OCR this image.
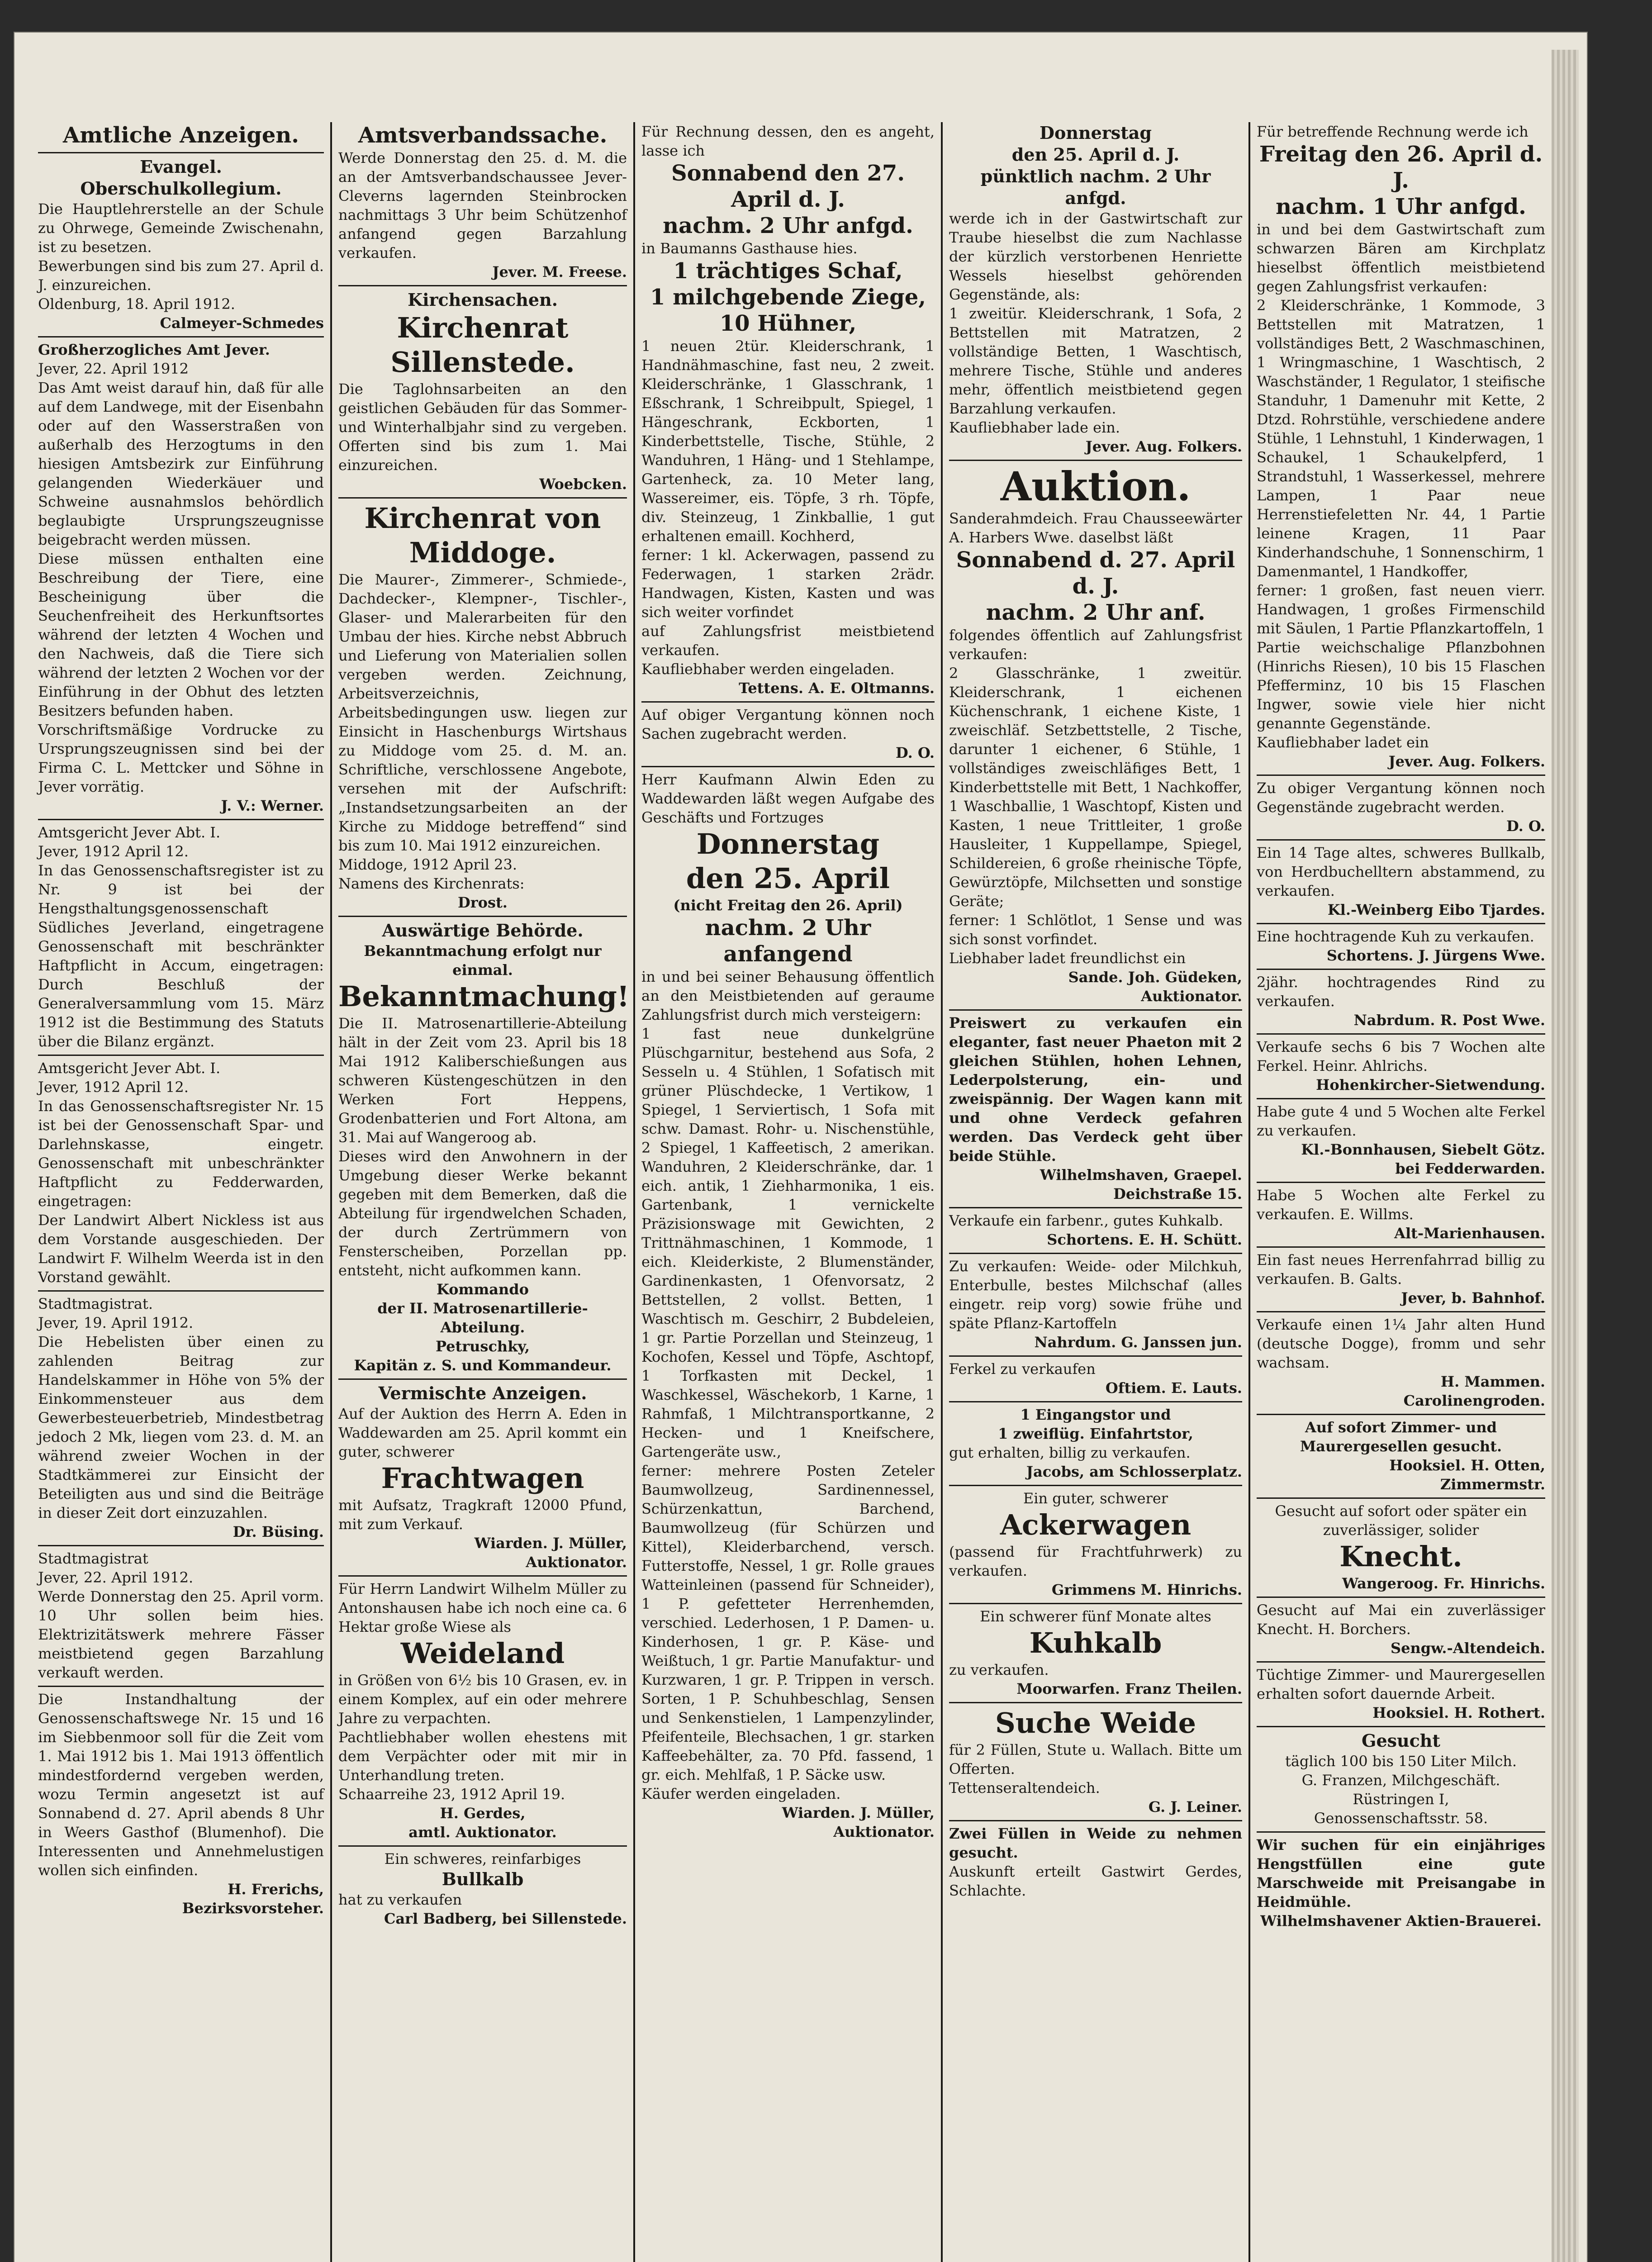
Amtliche Anzeigen.
Evangel. Oberschulkollegium.

Die Hauptlehrerstelle an der Schule zu Ohrwege, Gemeinde Zwischenahn, ist zu besetzen.
Bewerbungen sind bis zum 27. April d. J. einzureichen.
Oldenburg, 18. April 1912.

Calmeyer-Schmedes
Großherzogliches Amt Jever.

Jever, 22. April 1912
Das Amt weist darauf hin, daß für alle auf dem Landwege, mit der Eisenbahn oder auf den Wasserstraßen von außerhalb des Herzogtums in den hiesigen Amtsbezirk zur Einführung gelangenden Wiederkäuer und Schweine ausnahmslos behördlich beglaubigte Ursprungszeugnisse beigebracht werden müssen.
Diese müssen enthalten eine Beschreibung der Tiere, eine Bescheinigung über die Seuchenfreiheit des Herkunftsortes während der letzten 4 Wochen und den Nachweis, daß die Tiere sich während der letzten 2 Wochen vor der Einführung in der Obhut des letzten Besitzers befunden haben.
Vorschriftsmäßige Vordrucke zu Ursprungszeugnissen sind bei der Firma C. L. Mettcker und Söhne in Jever vorrätig.

J. V.: Werner.
Amtsgericht Jever Abt. I.

Jever, 1912 April 12.
In das Genossenschaftsregister ist zu Nr. 9 ist bei der Hengsthaltungsgenossenschaft Südliches Jeverland, eingetragene Genossenschaft mit beschränkter Haftpflicht in Accum, eingetragen: Durch Beschluß der Generalversammlung vom 15. März 1912 ist die Bestimmung des Statuts über die Bilanz ergänzt.

Amtsgericht Jever Abt. I.

Jever, 1912 April 12.
In das Genossenschaftsregister Nr. 15 ist bei der Genossenschaft Spar- und Darlehnskasse, eingetr. Genossenschaft mit unbeschränkter Haftpflicht zu Fedderwarden, eingetragen:
Der Landwirt Albert Nickless ist aus dem Vorstande ausgeschieden. Der Landwirt F. Wilhelm Weerda ist in den Vorstand gewählt.

Stadtmagistrat.

Jever, 19. April 1912.
Die Hebelisten über einen zu zahlenden Beitrag zur Handelskammer in Höhe von 5% der Einkommensteuer aus dem Gewerbesteuerbetrieb, Mindestbetrag jedoch 2 Mk, liegen vom 23. d. M. an während zweier Wochen in der Stadtkämmerei zur Einsicht der Beteiligten aus und sind die Beiträge in dieser Zeit dort einzuzahlen.

Dr. Büsing.
Stadtmagistrat

Jever, 22. April 1912.
Werde Donnerstag den 25. April vorm. 10 Uhr sollen beim hies. Elektrizitätswerk mehrere Fässer meistbietend gegen Barzahlung verkauft werden.

Die Instandhaltung der Genossenschaftswege Nr. 15 und 16 im Siebbenmoor soll für die Zeit vom 1. Mai 1912 bis 1. Mai 1913 öffentlich mindestfordernd vergeben werden, wozu Termin angesetzt ist auf Sonnabend d. 27. April abends 8 Uhr in Weers Gasthof (Blumenhof). Die Interessenten und Annehmelustigen wollen sich einfinden.

H. Frerichs,
Bezirksvorsteher.
Amtsverbandssache.

Werde Donnerstag den 25. d. M. die an der Amtsverbandschaussee Jever-Cleverns lagernden Steinbrocken nachmittags 3 Uhr beim Schützenhof anfangend gegen Barzahlung verkaufen.

Jever. M. Freese.
Kirchensachen.
Kirchenrat Sillenstede.

Die Taglohnsarbeiten an den geistlichen Gebäuden für das Sommer- und Winterhalbjahr sind zu vergeben. Offerten sind bis zum 1. Mai einzureichen.

Woebcken.
Kirchenrat von Middoge.

Die Maurer-, Zimmerer-, Schmiede-, Dachdecker-, Klempner-, Tischler-, Glaser- und Malerarbeiten für den Umbau der hies. Kirche nebst Abbruch und Lieferung von Materialien sollen vergeben werden. Zeichnung, Arbeitsverzeichnis, Arbeitsbedingungen usw. liegen zur Einsicht in Haschenburgs Wirtshaus zu Middoge vom 25. d. M. an. Schriftliche, verschlossene Angebote, versehen mit der Aufschrift: „Instandsetzungsarbeiten an der Kirche zu Middoge betreffend“ sind bis zum 10. Mai 1912 einzureichen.
Middoge, 1912 April 23.
Namens des Kirchenrats:

Drost.
Auswärtige Behörde.
Bekanntmachung erfolgt nur einmal.
Bekanntmachung!

Die II. Matrosenartillerie-Abteilung hält in der Zeit vom 23. April bis 18 Mai 1912 Kaliberschießungen aus schweren Küstengeschützen in den Werken Fort Heppens, Grodenbatterien und Fort Altona, am 31. Mai auf Wangeroog ab.
Dieses wird den Anwohnern in der Umgebung dieser Werke bekannt gegeben mit dem Bemerken, daß die Abteilung für irgendwelchen Schaden, der durch Zertrümmern von Fensterscheiben, Porzellan pp. entsteht, nicht aufkommen kann.

Kommando
der II. Matrosenartillerie-Abteilung.
Petruschky,
Kapitän z. S. und Kommandeur.
Vermischte Anzeigen.

Auf der Auktion des Herrn A. Eden in Waddewarden am 25. April kommt ein guter, schwerer

Frachtwagen

mit Aufsatz, Tragkraft 12000 Pfund, mit zum Verkauf.

Wiarden. J. Müller,
Auktionator.

Für Herrn Landwirt Wilhelm Müller zu Antonshausen habe ich noch eine ca. 6 Hektar große Wiese als

Weideland

in Größen von 6½ bis 10 Grasen, ev. in einem Komplex, auf ein oder mehrere Jahre zu verpachten.
Pachtliebhaber wollen ehestens mit dem Verpächter oder mit mir in Unterhandlung treten.
Schaarreihe 23, 1912 April 19.

H. Gerdes,
amtl. Auktionator.

Ein schweres, reinfarbiges

Bullkalb

hat zu verkaufen

Carl Badberg, bei Sillenstede.

Für Rechnung dessen, den es angeht, lasse ich

Sonnabend den 27. April d. J.
nachm. 2 Uhr anfgd.

in Baumanns Gasthause hies.

1 trächtiges Schaf,
1 milchgebende Ziege,
10 Hühner,

1 neuen 2tür. Kleiderschrank, 1 Handnähmaschine, fast neu, 2 zweit. Kleiderschränke, 1 Glasschrank, 1 Eßschrank, 1 Schreibpult, Spiegel, 1 Hängeschrank, Eckborten, 1 Kinderbettstelle, Tische, Stühle, 2 Wanduhren, 1 Häng- und 1 Stehlampe, Gartenheck, za. 10 Meter lang, Wassereimer, eis. Töpfe, 3 rh. Töpfe, div. Steinzeug, 1 Zinkballie, 1 gut erhaltenen emaill. Kochherd,
ferner: 1 kl. Ackerwagen, passend zu Federwagen, 1 starken 2rädr. Handwagen, Kisten, Kasten und was sich weiter vorfindet
auf Zahlungsfrist meistbietend verkaufen.
Kaufliebhaber werden eingeladen.

Tettens. A. E. Oltmanns.

Auf obiger Vergantung können noch Sachen zugebracht werden.

D. O.

Herr Kaufmann Alwin Eden zu Waddewarden läßt wegen Aufgabe des Geschäfts und Fortzuges

Donnerstag
den 25. April
(nicht Freitag den 26. April)
nachm. 2 Uhr anfangend

in und bei seiner Behausung öffentlich an den Meistbietenden auf geraume Zahlungsfrist durch mich versteigern:
1 fast neue dunkelgrüne Plüschgarnitur, bestehend aus Sofa, 2 Sesseln u. 4 Stühlen, 1 Sofatisch mit grüner Plüschdecke, 1 Vertikow, 1 Spiegel, 1 Serviertisch, 1 Sofa mit schw. Damast. Rohr- u. Nischenstühle, 2 Spiegel, 1 Kaffeetisch, 2 amerikan. Wanduhren, 2 Kleiderschränke, dar. 1 eich. antik, 1 Ziehharmonika, 1 eis. Gartenbank, 1 vernickelte Präzisionswage mit Gewichten, 2 Trittnähmaschinen, 1 Kommode, 1 eich. Kleiderkiste, 2 Blumenständer, Gardinenkasten, 1 Ofenvorsatz, 2 Bettstellen, 2 vollst. Betten, 1 Waschtisch m. Geschirr, 2 Bubdeleien, 1 gr. Partie Porzellan und Steinzeug, 1 Kochofen, Kessel und Töpfe, Aschtopf, 1 Torfkasten mit Deckel, 1 Waschkessel, Wäschekorb, 1 Karne, 1 Rahmfaß, 1 Milchtransportkanne, 2 Hecken- und 1 Kneifschere, Gartengeräte usw.,
ferner: mehrere Posten Zeteler Baumwollzeug, Sardinennessel, Schürzenkattun, Barchend, Baumwollzeug (für Schürzen und Kittel), Kleiderbarchend, versch. Futterstoffe, Nessel, 1 gr. Rolle graues Watteinleinen (passend für Schneider), 1 P. gefetteter Herrenhemden, verschied. Lederhosen, 1 P. Damen- u. Kinderhosen, 1 gr. P. Käse- und Weißtuch, 1 gr. Partie Manufaktur- und Kurzwaren, 1 gr. P. Trippen in versch. Sorten, 1 P. Schuhbeschlag, Sensen und Senkenstielen, 1 Lampenzylinder, Pfeifenteile, Blechsachen, 1 gr. starken Kaffeebehälter, za. 70 Pfd. fassend, 1 gr. eich. Mehlfaß, 1 P. Säcke usw.
Käufer werden eingeladen.

Wiarden. J. Müller,
Auktionator.
Donnerstag
den 25. April d. J.
pünktlich nachm. 2 Uhr anfgd.

werde ich in der Gastwirtschaft zur Traube hieselbst die zum Nachlasse der kürzlich verstorbenen Henriette Wessels hieselbst gehörenden Gegenstände, als:
1 zweitür. Kleiderschrank, 1 Sofa, 2 Bettstellen mit Matratzen, 2 vollständige Betten, 1 Waschtisch, mehrere Tische, Stühle und anderes mehr, öffentlich meistbietend gegen Barzahlung verkaufen.
Kaufliebhaber lade ein.

Jever. Aug. Folkers.
Auktion.

Sanderahmdeich. Frau Chausseewärter A. Harbers Wwe. daselbst läßt

Sonnabend d. 27. April d. J.
nachm. 2 Uhr anf.

folgendes öffentlich auf Zahlungsfrist verkaufen:
2 Glasschränke, 1 zweitür. Kleiderschrank, 1 eichenen Küchenschrank, 1 eichene Kiste, 1 zweischläf. Setzbettstelle, 2 Tische, darunter 1 eichener, 6 Stühle, 1 vollständiges zweischläfiges Bett, 1 Kinderbettstelle mit Bett, 1 Nachkoffer, 1 Waschballie, 1 Waschtopf, Kisten und Kasten, 1 neue Trittleiter, 1 große Hausleiter, 1 Kuppellampe, Spiegel, Schildereien, 6 große rheinische Töpfe, Gewürztöpfe, Milchsetten und sonstige Geräte;
ferner: 1 Schlötlot, 1 Sense und was sich sonst vorfindet.
Liebhaber ladet freundlichst ein

Sande. Joh. Güdeken,
Auktionator.

Preiswert zu verkaufen ein eleganter, fast neuer Phaeton mit 2 gleichen Stühlen, hohen Lehnen, Lederpolsterung, ein- und zweispännig. Der Wagen kann mit und ohne Verdeck gefahren werden. Das Verdeck geht über beide Stühle.

Wilhelmshaven, Graepel.
Deichstraße 15.

Verkaufe ein farbenr., gutes Kuhkalb.

Schortens. E. H. Schütt.

Zu verkaufen: Weide- oder Milchkuh, Enterbulle, bestes Milchschaf (alles eingetr. reip vorg) sowie frühe und späte Pflanz-Kartoffeln

Nahrdum. G. Janssen jun.

Ferkel zu verkaufen

Oftiem. E. Lauts.
1 Eingangstor und
1 zweiflüg. Einfahrtstor,

gut erhalten, billig zu verkaufen.

Jacobs, am Schlosserplatz.

Ein guter, schwerer

Ackerwagen

(passend für Frachtfuhrwerk) zu verkaufen.

Grimmens M. Hinrichs.

Ein schwerer fünf Monate altes

Kuhkalb

zu verkaufen.

Moorwarfen. Franz Theilen.
Suche Weide

für 2 Füllen, Stute u. Wallach. Bitte um Offerten.
Tettenseraltendeich.

G. J. Leiner.
Zwei Füllen in Weide zu nehmen gesucht.

Auskunft erteilt Gastwirt Gerdes, Schlachte.

Für betreffende Rechnung werde ich

Freitag den 26. April d. J.
nachm. 1 Uhr anfgd.

in und bei dem Gastwirtschaft zum schwarzen Bären am Kirchplatz hieselbst öffentlich meistbietend gegen Zahlungsfrist verkaufen:
2 Kleiderschränke, 1 Kommode, 3 Bettstellen mit Matratzen, 1 vollständiges Bett, 2 Waschmaschinen, 1 Wringmaschine, 1 Waschtisch, 2 Waschständer, 1 Regulator, 1 steifische Standuhr, 1 Damenuhr mit Kette, 2 Dtzd. Rohrstühle, verschiedene andere Stühle, 1 Lehnstuhl, 1 Kinderwagen, 1 Schaukel, 1 Schaukelpferd, 1 Strandstuhl, 1 Wasserkessel, mehrere Lampen, 1 Paar neue Herrenstiefeletten Nr. 44, 1 Partie leinene Kragen, 11 Paar Kinderhandschuhe, 1 Sonnenschirm, 1 Damenmantel, 1 Handkoffer,
ferner: 1 großen, fast neuen vierr. Handwagen, 1 großes Firmenschild mit Säulen, 1 Partie Pflanzkartoffeln, 1 Partie weichschalige Pflanzbohnen (Hinrichs Riesen), 10 bis 15 Flaschen Pfefferminz, 10 bis 15 Flaschen Ingwer, sowie viele hier nicht genannte Gegenstände.
Kaufliebhaber ladet ein

Jever. Aug. Folkers.

Zu obiger Vergantung können noch Gegenstände zugebracht werden.

D. O.

Ein 14 Tage altes, schweres Bullkalb, von Herdbuchelltern abstammend, zu verkaufen.

Kl.-Weinberg Eibo Tjardes.

Eine hochtragende Kuh zu verkaufen.

Schortens. J. Jürgens Wwe.

2jähr. hochtragendes Rind zu verkaufen.

Nabrdum. R. Post Wwe.

Verkaufe sechs 6 bis 7 Wochen alte Ferkel. Heinr. Ahlrichs.

Hohenkircher-Sietwendung.

Habe gute 4 und 5 Wochen alte Ferkel zu verkaufen.

Kl.-Bonnhausen, Siebelt Götz.
bei Fedderwarden.

Habe 5 Wochen alte Ferkel zu verkaufen. E. Willms.

Alt-Marienhausen.

Ein fast neues Herrenfahrrad billig zu verkaufen. B. Galts.

Jever, b. Bahnhof.

Verkaufe einen 1¼ Jahr alten Hund (deutsche Dogge), fromm und sehr wachsam.

H. Mammen.
Carolinengroden.
Auf sofort Zimmer- und Maurergesellen gesucht.
Hooksiel. H. Otten,
Zimmermstr.

Gesucht auf sofort oder später ein zuverlässiger, solider

Knecht.
Wangeroog. Fr. Hinrichs.

Gesucht auf Mai ein zuverlässiger Knecht. H. Borchers.

Sengw.-Altendeich.

Tüchtige Zimmer- und Maurergesellen erhalten sofort dauernde Arbeit.

Hooksiel. H. Rothert.
Gesucht

täglich 100 bis 150 Liter Milch.
G. Franzen, Milchgeschäft.
Rüstringen I,
Genossenschaftsstr. 58.

Wir suchen für ein einjähriges Hengstfüllen eine gute Marschweide mit Preisangabe in Heidmühle.
Wilhelmshavener Aktien-Brauerei.
